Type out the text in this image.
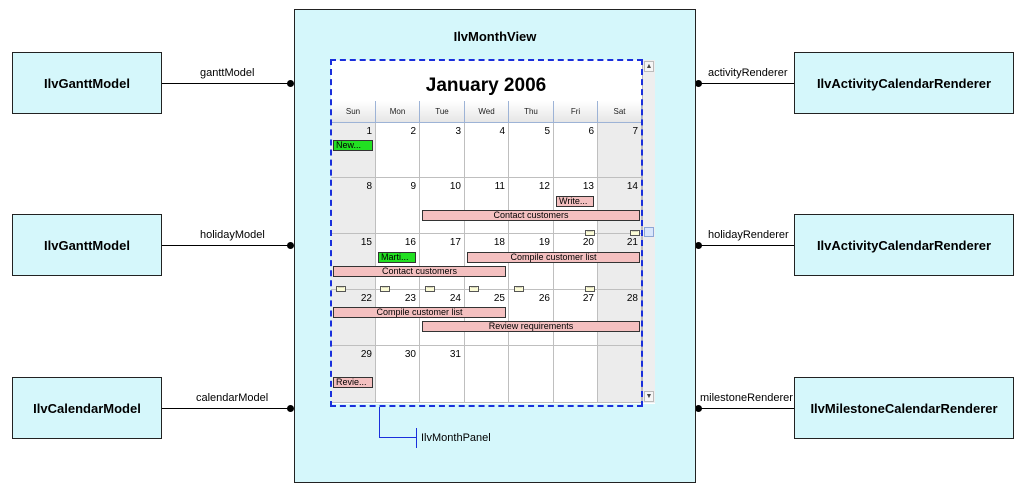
IlvGanttModel
IlvGanttModel
IlvCalendarModel
ganttModel
holidayModel
calendarModel
IlvActivityCalendarRenderer
IlvActivityCalendarRenderer
IlvMilestoneCalendarRenderer
activityRenderer
holidayRenderer
milestoneRenderer
IlvMonthView
January 2006
Sun	Mon	Tue	Wed	Thu	Fri	Sat
1	2	3	4	5	6	7
8	9	10	11	12	13	14
15	16	17	18	19	20	21
22	23	24	25	26	27	28
29	30	31
New...
Write...
Contact customers
Marti...	Compile customer list
Contact customers
Compile customer list
Review requirements
Revie...
···	···
···	···	···	···	···	···
▲
▼
IlvMonthPanel
